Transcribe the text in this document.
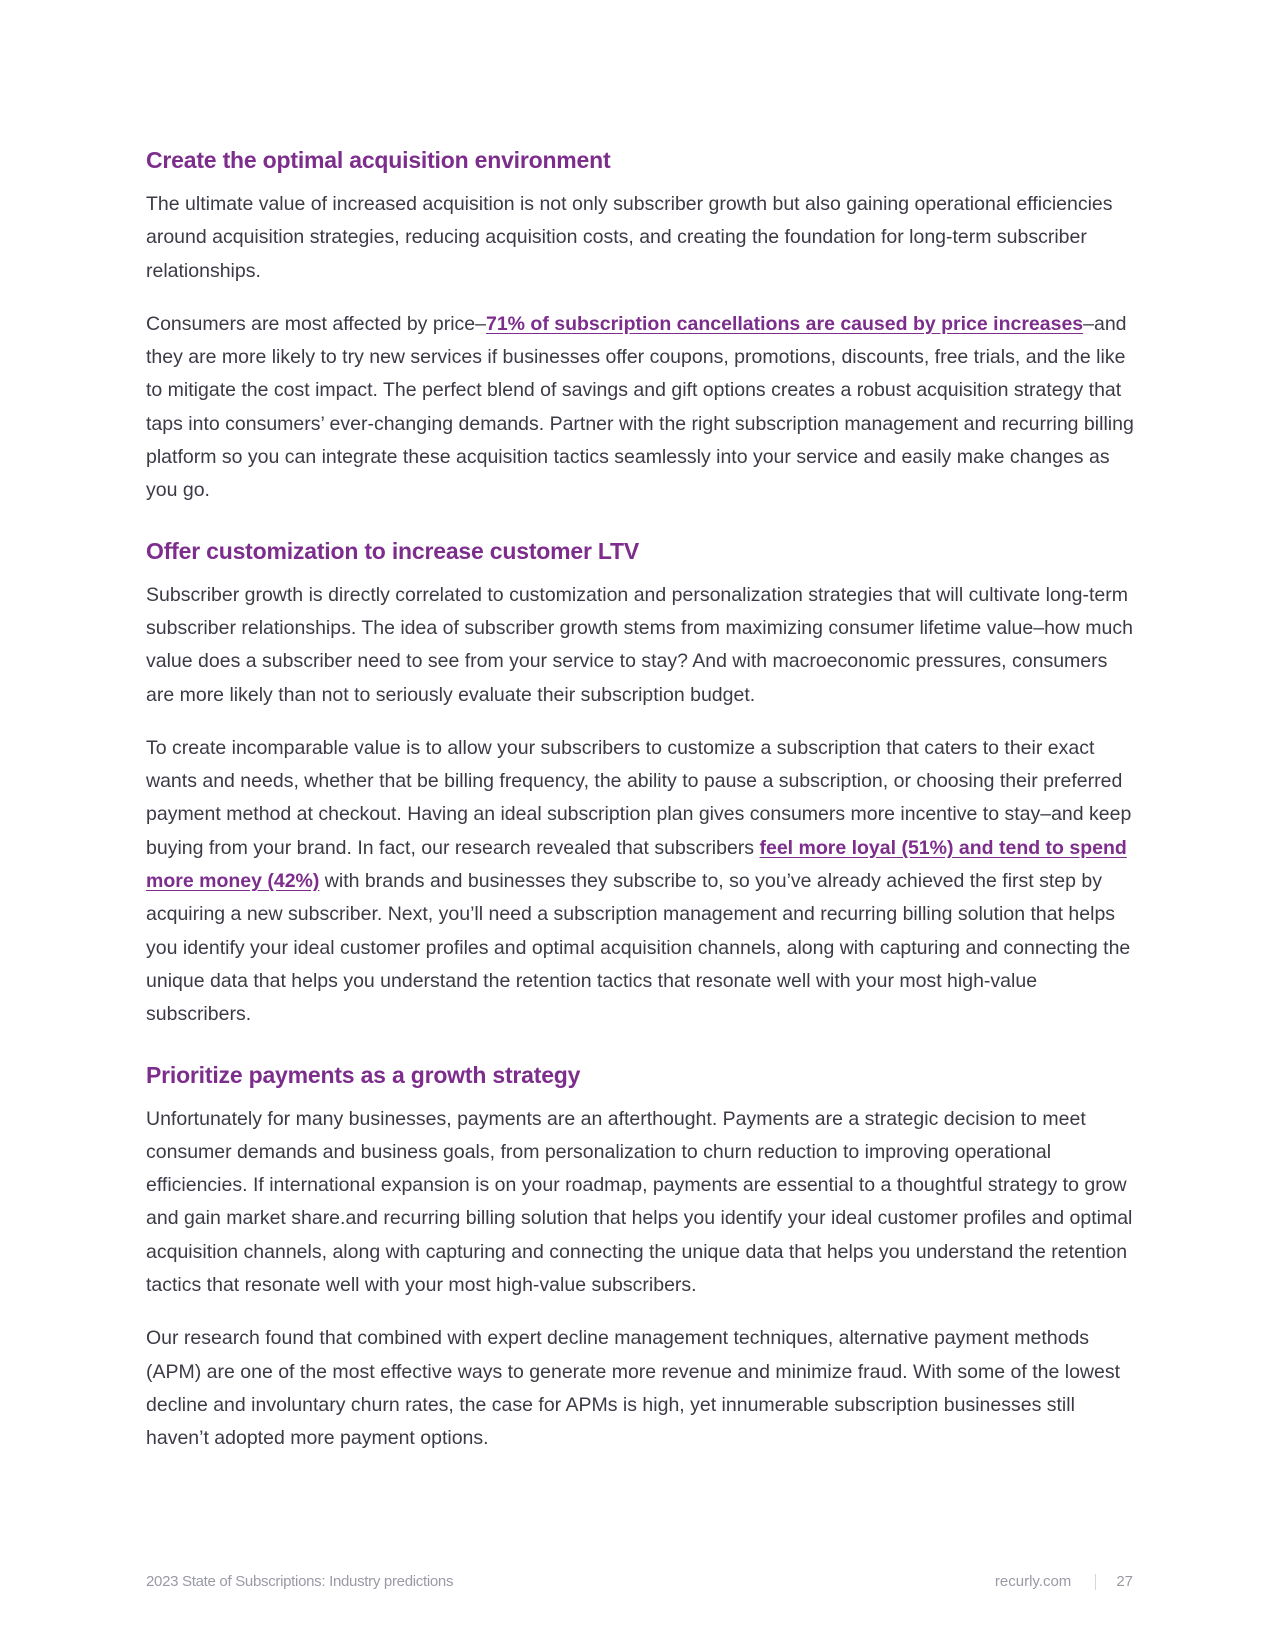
Create the optimal acquisition environment

The ultimate value of increased acquisition is not only subscriber growth but also gaining operational efficiencies around acquisition strategies, reducing acquisition costs, and creating the foundation for long-term subscriber relationships.

Consumers are most affected by price–71% of subscription cancellations are caused by price increases–and they are more likely to try new services if businesses offer coupons, promotions, discounts, free trials, and the like to mitigate the cost impact. The perfect blend of savings and gift options creates a robust acquisition strategy that taps into consumers’ ever-changing demands. Partner with the right subscription management and recurring billing platform so you can integrate these acquisition tactics seamlessly into your service and easily make changes as you go.

Offer customization to increase customer LTV

Subscriber growth is directly correlated to customization and personalization strategies that will cultivate long-term subscriber relationships. The idea of subscriber growth stems from maximizing consumer lifetime value–how much value does a subscriber need to see from your service to stay? And with macroeconomic pressures, consumers are more likely than not to seriously evaluate their subscription budget.

To create incomparable value is to allow your subscribers to customize a subscription that caters to their exact wants and needs, whether that be billing frequency, the ability to pause a subscription, or choosing their preferred payment method at checkout. Having an ideal subscription plan gives consumers more incentive to stay–and keep buying from your brand. In fact, our research revealed that subscribers feel more loyal (51%) and tend to spend more money (42%) with brands and businesses they subscribe to, so you’ve already achieved the first step by acquiring a new subscriber. Next, you’ll need a subscription management and recurring billing solution that helps you identify your ideal customer profiles and optimal acquisition channels, along with capturing and connecting the unique data that helps you understand the retention tactics that resonate well with your most high-value subscribers.

Prioritize payments as a growth strategy

Unfortunately for many businesses, payments are an afterthought. Payments are a strategic decision to meet consumer demands and business goals, from personalization to churn reduction to improving operational efficiencies. If international expansion is on your roadmap, payments are essential to a thoughtful strategy to grow and gain market share.and recurring billing solution that helps you identify your ideal customer profiles and optimal acquisition channels, along with capturing and connecting the unique data that helps you understand the retention tactics that resonate well with your most high-value subscribers.

Our research found that combined with expert decline management techniques, alternative payment methods (APM) are one of the most effective ways to generate more revenue and minimize fraud. With some of the lowest decline and involuntary churn rates, the case for APMs is high, yet innumerable subscription businesses still haven’t adopted more payment options.

2023 State of Subscriptions: Industry predictions	recurly.com	27
